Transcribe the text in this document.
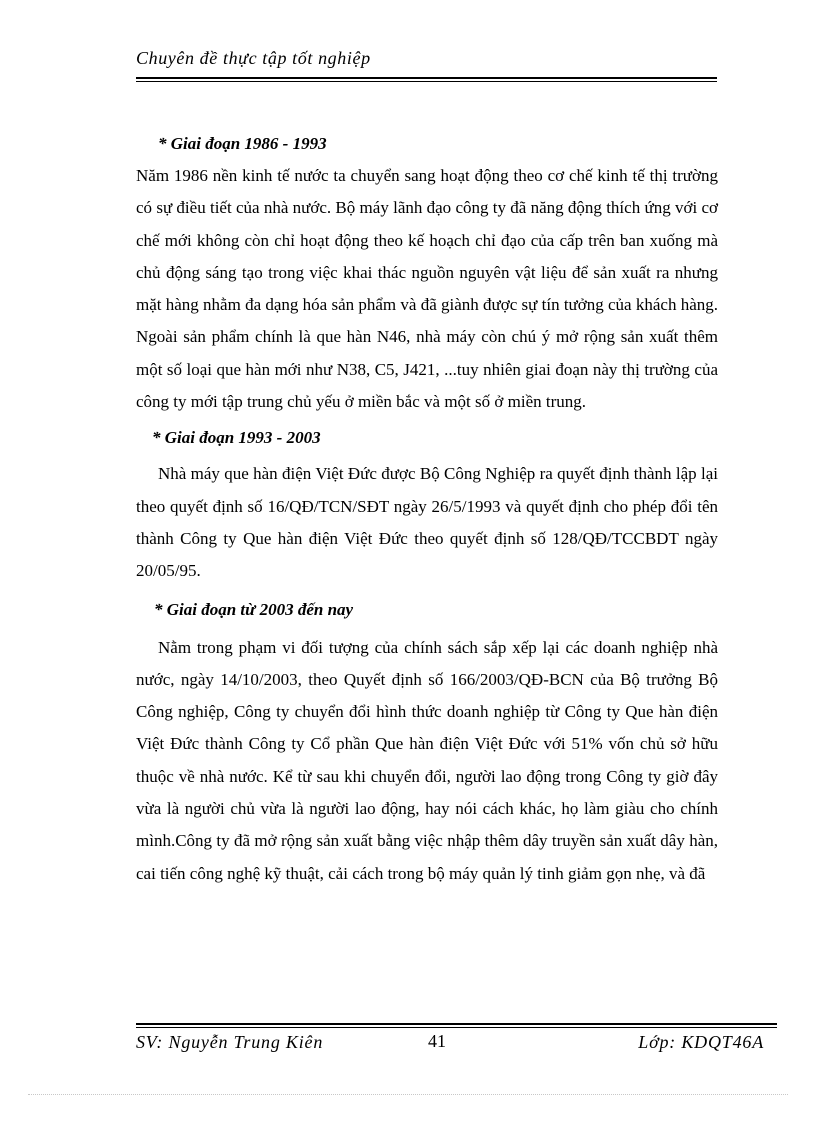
Chuyên đề thực tập tốt nghiệp

* Giai đoạn 1986 - 1993

Năm 1986 nền kinh tế nước ta chuyển sang hoạt động theo cơ chế kinh tế thị trường có sự điều tiết của nhà nước. Bộ máy lãnh đạo công ty đã năng động thích ứng với cơ chế mới không còn chỉ hoạt động theo kế hoạch chỉ đạo của cấp trên ban xuống mà chủ động sáng tạo trong việc khai thác nguồn nguyên vật liệu để sản xuất ra nhưng mặt hàng nhằm đa dạng hóa sản phẩm và đã giành được sự tín tưởng của khách hàng. Ngoài sản phẩm chính là que hàn N46, nhà máy còn chú ý mở rộng sản xuất thêm một số loại que hàn mới như N38, C5, J421, ...tuy nhiên giai đoạn này thị trường của công ty mới tập trung chủ yếu ở miền bắc và một số ở miền trung.

* Giai đoạn 1993 - 2003

Nhà máy que hàn điện Việt Đức được Bộ Công Nghiệp ra quyết định thành lập lại theo quyết định số 16/QĐ/TCN/SĐT ngày 26/5/1993 và quyết định cho phép đổi tên thành Công ty Que hàn điện Việt Đức theo quyết định số 128/QĐ/TCCBDT ngày 20/05/95.

* Giai đoạn từ 2003 đến nay

Nằm trong phạm vi đối tượng của chính sách sắp xếp lại các doanh nghiệp nhà nước, ngày 14/10/2003, theo Quyết định số 166/2003/QĐ-BCN của Bộ trưởng Bộ Công nghiệp, Công ty chuyển đổi hình thức doanh nghiệp từ Công ty Que hàn điện Việt Đức thành Công ty Cổ phần Que hàn điện Việt Đức với 51% vốn chủ sở hữu thuộc về nhà nước. Kể từ sau khi chuyển đổi, người lao động trong Công ty giờ đây vừa là người chủ vừa là người lao động, hay nói cách khác, họ làm giàu cho chính mình.Công ty đã mở rộng sản xuất bằng việc nhập thêm dây truyền sản xuất dây hàn, cai tiến công nghệ kỹ thuật, cải cách trong bộ máy quản lý tinh giảm gọn nhẹ, và đã

SV: Nguyễn Trung Kiên	41	Lớp: KDQT46A
